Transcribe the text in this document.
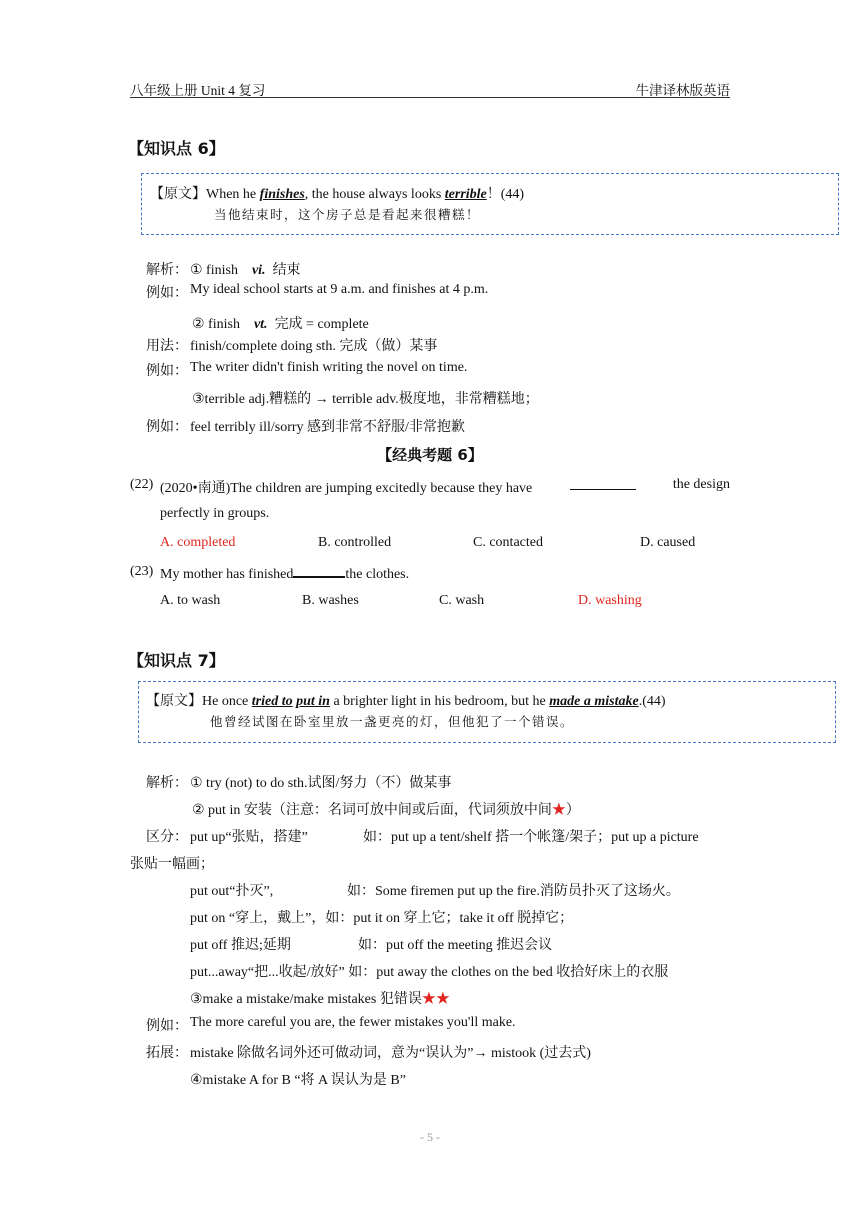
八年级上册 Unit 4 复习	牛津译林版英语
【知识点 6】
【原文】When he finishes, the house always looks terrible！(44)
当他结束时，这个房子总是看起来很糟糕！
解析： ① finish vi. 结束
例如： My ideal school starts at 9 a.m. and finishes at 4 p.m.
② finish vt. 完成 = complete
用法： finish/complete doing sth. 完成（做）某事
例如： The writer didn't finish writing the novel on time.
③terrible adj.糟糕的 → terrible adv.极度地，非常糟糕地；
例如： feel terribly ill/sorry 感到非常不舒服/非常抱歉
【经典考题 6】
(22) (2020•南通)The children are jumping excitedly because they have	the design
perfectly in groups.
A. completed	B. controlled	C. contacted	D. caused
(23) My mother has finished	the clothes.
A. to wash	B. washes	C. wash	D. washing
【知识点 7】
【原文】He once tried to put in a brighter light in his bedroom, but he made a mistake.(44)
他曾经试图在卧室里放一盏更亮的灯，但他犯了一个错误。
解析： ① try (not) to do sth.试图/努力（不）做某事
② put in 安装（注意：名词可放中间或后面，代词须放中间★）
区分： put up“张贴，搭建”	如：put up a tent/shelf 搭一个帐篷/架子；put up a picture
张贴一幅画；
put out“扑灭”,	如：Some firemen put up the fire.消防员扑灭了这场火。
put on “穿上，戴上”，如：put it on 穿上它；take it off 脱掉它；
put off 推迟;延期	如：put off the meeting 推迟会议
put...away“把...收起/放好” 如：put away the clothes on the bed 收拾好床上的衣服
③make a mistake/make mistakes 犯错误★★
例如： The more careful you are, the fewer mistakes you'll make.
拓展： mistake 除做名词外还可做动词，意为“误认为”→ mistook (过去式)
④mistake A for B “将 A 误认为是 B”
- 5 -
